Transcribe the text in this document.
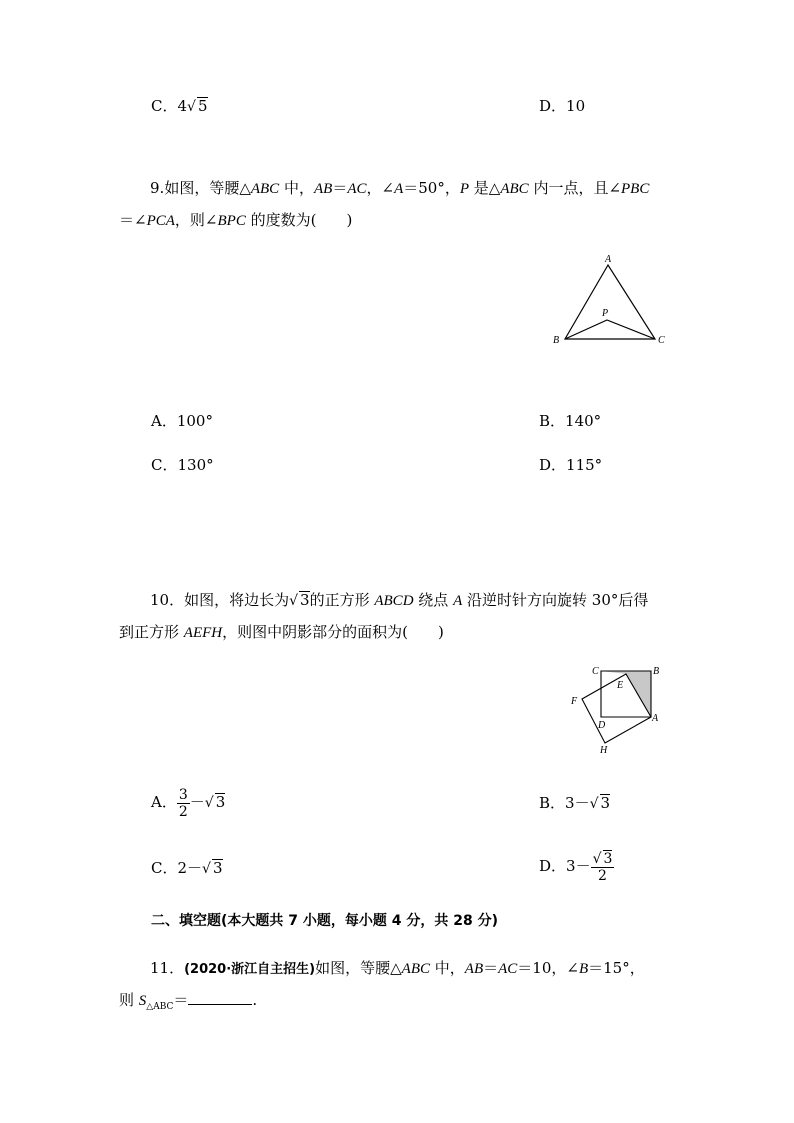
C．4√ 5	D．10
9.如图，等腰△ABC 中，AB＝AC，∠A＝50°，P 是△ABC 内一点，且∠PBC
＝∠PCA，则∠BPC 的度数为( )
A
B	C
P
A．100°	B．140°
C．130°	D．115°
10．如图，将边长为√ 3的正方形 ABCD 绕点 A 沿逆时针方向旋转 30°后得
到正方形 AEFH，则图中阴影部分的面积为( )
C	B
E
F
D
A
H
A． $\frac{3}{2}$ －√ 3	B．3－√ 3
C．2－√ 3	D．$3- \frac{√ 3}{2}$
二、填空题(本大题共 7 小题，每小题 4 分，共 28 分)
11．(2020·浙江自主招生)如图，等腰△ABC 中，AB＝AC＝10，∠B＝15°，
则 $S_{\triangle ABC}=$	.
